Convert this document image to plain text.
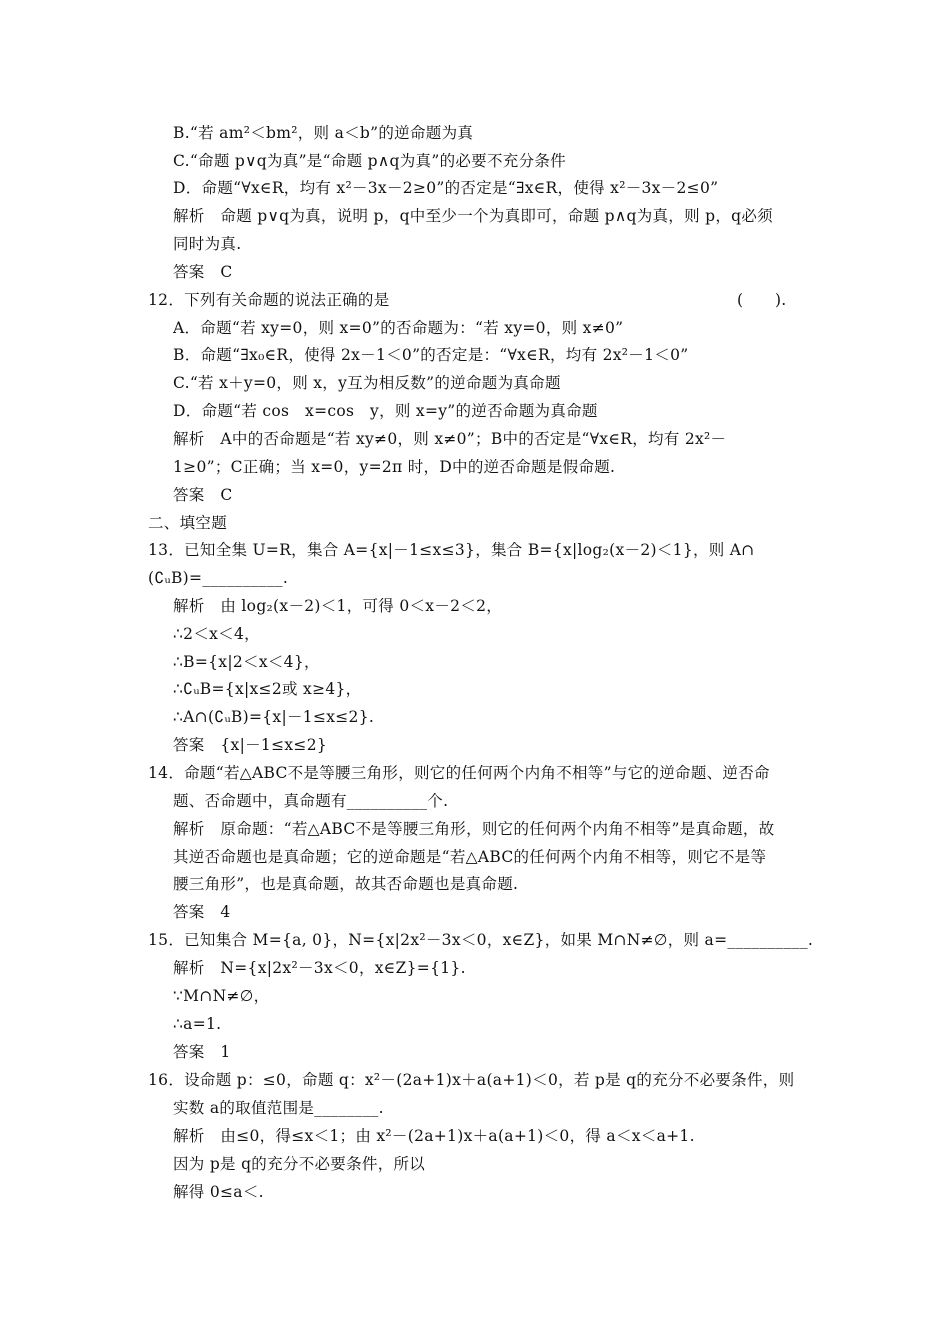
B.“若 am²＜bm²，则 a＜b”的逆命题为真
C.“命题 p∨q为真”是“命题 p∧q为真”的必要不充分条件
D．命题“∀x∈R，均有 x²－3x－2≥0”的否定是“∃x∈R，使得 x²－3x－2≤0”
解析　命题 p∨q为真，说明 p，q中至少一个为真即可，命题 p∧q为真，则 p，q必须
同时为真.
答案　C
12．下列有关命题的说法正确的是	(　　).
A．命题“若 xy=0，则 x=0”的否命题为：“若 xy=0，则 x≠0”
B．命题“∃x₀∈R，使得 2x－1＜0”的否定是：“∀x∈R，均有 2x²－1＜0”
C.“若 x＋y=0，则 x，y互为相反数”的逆命题为真命题
D．命题“若 cos　x=cos　y，则 x=y”的逆否命题为真命题
解析　A中的否命题是“若 xy≠0，则 x≠0”；B中的否定是“∀x∈R，均有 2x²－
1≥0”；C正确；当 x=0，y=2π 时，D中的逆否命题是假命题.
答案　C
二、填空题
13．已知全集 U=R，集合 A={x|－1≤x≤3}，集合 B={x|log₂(x－2)＜1}，则 A∩
(∁ᵤB)=__________.
解析　由 log₂(x－2)＜1，可得 0＜x－2＜2，
∴2＜x＜4，
∴B={x|2＜x＜4}，
∴∁ᵤB={x|x≤2或 x≥4}，
∴A∩(∁ᵤB)={x|－1≤x≤2}.
答案　{x|－1≤x≤2}
14．命题“若△ABC不是等腰三角形，则它的任何两个内角不相等”与它的逆命题、逆否命
题、否命题中，真命题有__________个.
解析　原命题：“若△ABC不是等腰三角形，则它的任何两个内角不相等”是真命题，故
其逆否命题也是真命题；它的逆命题是“若△ABC的任何两个内角不相等，则它不是等
腰三角形”，也是真命题，故其否命题也是真命题.
答案　4
15．已知集合 M={a, 0}，N={x|2x²－3x＜0，x∈Z}，如果 M∩N≠∅，则 a=__________.
解析　N={x|2x²－3x＜0，x∈Z}={1}.
∵M∩N≠∅，
∴a=1.
答案　1
16．设命题 p：≤0，命题 q：x²－(2a+1)x＋a(a+1)＜0，若 p是 q的充分不必要条件，则
实数 a的取值范围是________.
解析　由≤0，得≤x＜1；由 x²－(2a+1)x＋a(a+1)＜0，得 a＜x＜a+1.
因为 p是 q的充分不必要条件，所以
解得 0≤a＜.
